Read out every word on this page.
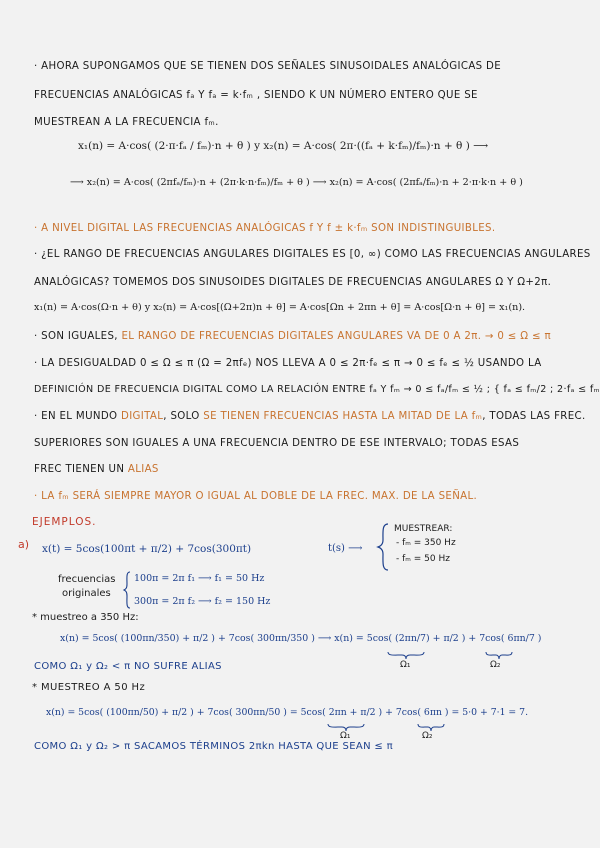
· AHORA SUPONGAMOS QUE SE TIENEN DOS SEÑALES SINUSOIDALES ANALÓGICAS DE
FRECUENCIAS ANALÓGICAS fₐ Y fₐ = k·fₘ , SIENDO K UN NÚMERO ENTERO QUE SE
MUESTREAN A LA FRECUENCIA fₘ.
x₁(n) = A·cos( (2·π·fₐ / fₘ)·n + θ ) y x₂(n) = A·cos( 2π·((fₐ + k·fₘ)/fₘ)·n + θ ) ⟶
⟶ x₂(n) = A·cos( (2πfₐ/fₘ)·n + (2π·k·n·fₘ)/fₘ + θ ) ⟶ x₂(n) = A·cos( (2πfₐ/fₘ)·n + 2·π·k·n + θ )
· A NIVEL DIGITAL LAS FRECUENCIAS ANALÓGICAS f Y f ± k·fₘ SON INDISTINGUIBLES.
· ¿EL RANGO DE FRECUENCIAS ANGULARES DIGITALES ES [0, ∞) COMO LAS FRECUENCIAS ANGULARES
ANALÓGICAS? TOMEMOS DOS SINUSOIDES DIGITALES DE FRECUENCIAS ANGULARES Ω Y Ω+2π.
x₁(n) = A·cos(Ω·n + θ) y x₂(n) = A·cos[(Ω+2π)n + θ] = A·cos[Ωn + 2πn + θ] = A·cos[Ω·n + θ] = x₁(n).
· SON IGUALES, EL RANGO DE FRECUENCIAS DIGITALES ANGULARES VA DE 0 A 2π. → 0 ≤ Ω ≤ π
· LA DESIGUALDAD 0 ≤ Ω ≤ π (Ω = 2πfₑ) NOS LLEVA A 0 ≤ 2π·fₑ ≤ π → 0 ≤ fₑ ≤ ½ USANDO LA
DEFINICIÓN DE FRECUENCIA DIGITAL COMO LA RELACIÓN ENTRE fₐ Y fₘ → 0 ≤ fₐ/fₘ ≤ ½ ; { fₐ ≤ fₘ/2 ; 2·fₐ ≤ fₘ
· EN EL MUNDO DIGITAL, SOLO SE TIENEN FRECUENCIAS HASTA LA MITAD DE LA fₘ, TODAS LAS FREC.
SUPERIORES SON IGUALES A UNA FRECUENCIA DENTRO DE ESE INTERVALO; TODAS ESAS
FREC TIENEN UN ALIAS
· LA fₘ SERÁ SIEMPRE MAYOR O IGUAL AL DOBLE DE LA FREC. MAX. DE LA SEÑAL.
EJEMPLOS.
a) x(t) = 5cos(100πt + π/2) + 7cos(300πt)	t(s) ⟶
MUESTREAR:
- fₘ = 350 Hz
- fₘ = 50 Hz
frecuencias
originales
100π = 2π f₁ ⟶ f₁ = 50 Hz
300π = 2π f₂ ⟶ f₂ = 150 Hz
* muestreo a 350 Hz:
x(n) = 5cos( (100πn/350) + π/2 ) + 7cos( 300πn/350 ) ⟶ x(n) = 5cos( (2πn/7) + π/2 ) + 7cos( 6πn/7 )
Ω₁	Ω₂
COMO Ω₁ y Ω₂ < π NO SUFRE ALIAS
* MUESTREO A 50 Hz
x(n) = 5cos( (100πn/50) + π/2 ) + 7cos( 300πn/50 ) = 5cos( 2πn + π/2 ) + 7cos( 6πn ) = 5·0 + 7·1 = 7.
Ω₁	Ω₂
COMO Ω₁ y Ω₂ > π SACAMOS TÉRMINOS 2πkn HASTA QUE SEAN ≤ π
